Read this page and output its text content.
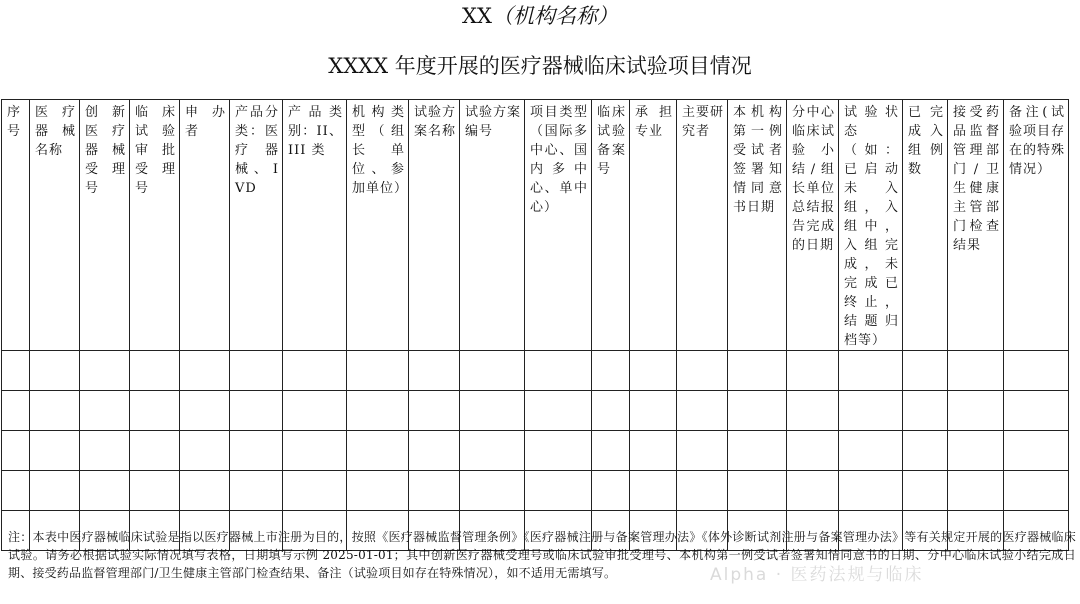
XX（机构名称）
XXXX 年度开展的医疗器械临床试验项目情况
序号	医疗器械名称	创新医疗器械受理号	临床试验审批受理号	申办者	产品分类：医疗器械、IVD	产品类别：II、III 类	机构类型（组长单位、参加单位）	试验方案名称	试验方案编号	项目类型（国际多中心、国内多中心、单中心）	临床试验备案号	承担专业	主要研究者	本机构第一例受试者签署知情同意书日期	分中心临床试验小结/组长单位总结报告完成的日期	试验状态（如：已启动未入组，入组中，入组完成，未完成已终止，结题归档等）	已完成入组例数	接受药品监督管理部门/卫生健康主管部门检查结果	备注(试验项目存在的特殊情况）

注：本表中医疗器械临床试验是指以医疗器械上市注册为目的，按照《医疗器械监督管理条例》《医疗器械注册与备案管理办法》《体外诊断试剂注册与备案管理办法》等有关规定开展的医疗器械临床试验。请务必根据试验实际情况填写表格，日期填写示例 2025-01-01；其中创新医疗器械受理号或临床试验审批受理号、本机构第一例受试者签署知情同意书的日期、分中心临床试验小结完成日期、接受药品监督管理部门/卫生健康主管部门检查结果、备注（试验项目如存在特殊情况），如不适用无需填写。	Alpha · 医药法规与临床
